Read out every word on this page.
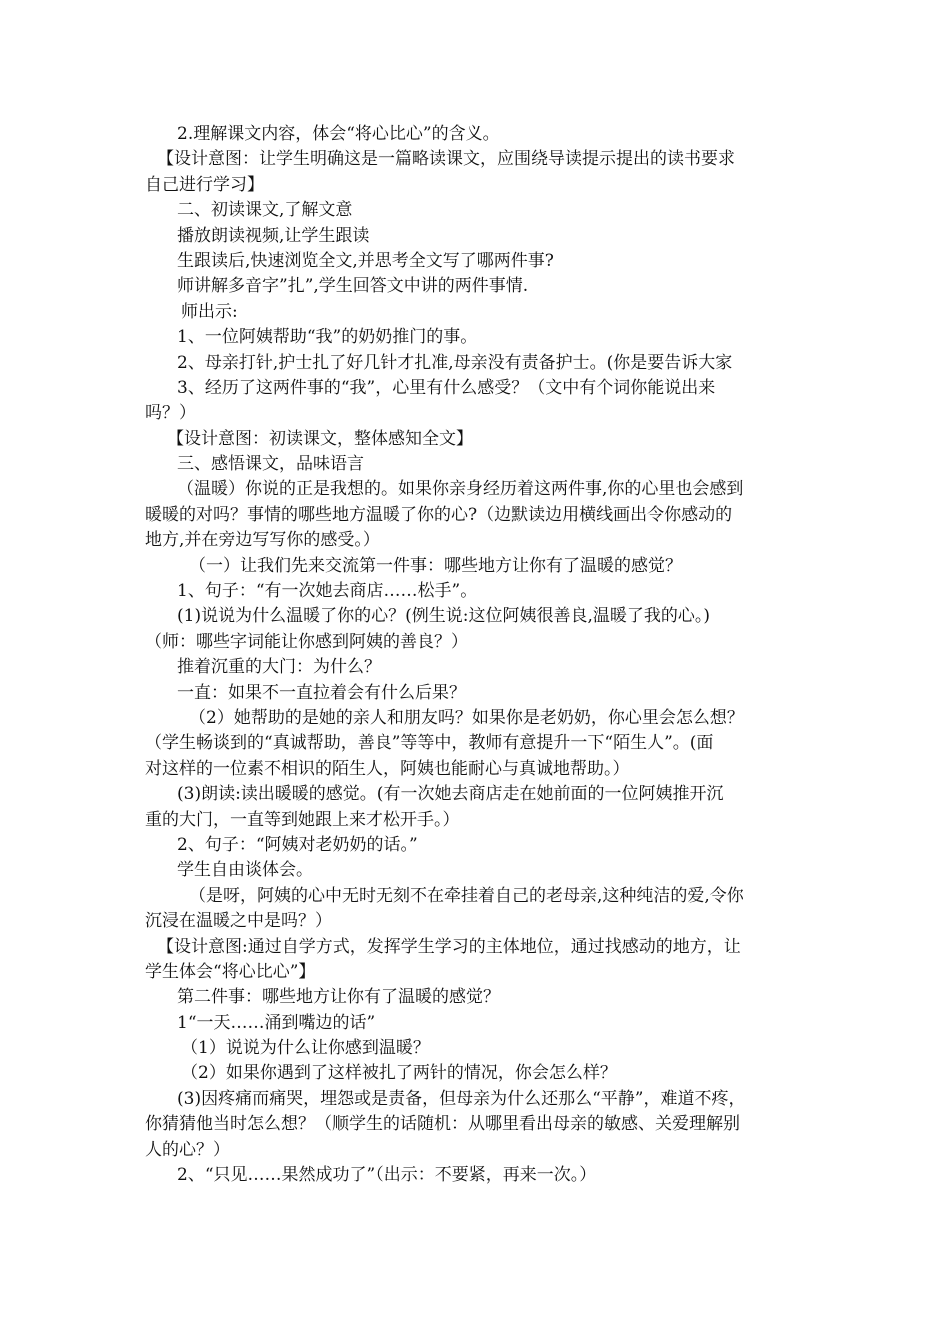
2.理解课文内容，体会“将心比心”的含义。
【设计意图：让学生明确这是一篇略读课文，应围绕导读提示提出的读书要求
自己进行学习】
二、初读课文,了解文意
播放朗读视频,让学生跟读
生跟读后,快速浏览全文,并思考全文写了哪两件事?
师讲解多音字”扎”,学生回答文中讲的两件事情.
师出示:
1、一位阿姨帮助“我”的奶奶推门的事。
2、母亲打针,护士扎了好几针才扎准,母亲没有责备护士。(你是要告诉大家
3、经历了这两件事的“我”，心里有什么感受？（文中有个词你能说出来
吗？）
【设计意图：初读课文，整体感知全文】
三、感悟课文，品味语言
（温暖）你说的正是我想的。如果你亲身经历着这两件事,你的心里也会感到
暖暖的对吗？事情的哪些地方温暖了你的心?（边默读边用横线画出令你感动的
地方,并在旁边写写你的感受。）
（一）让我们先来交流第一件事：哪些地方让你有了温暖的感觉？
1、句子：“有一次她去商店……松手”。
(1)说说为什么温暖了你的心？(例生说:这位阿姨很善良,温暖了我的心。)
（师：哪些字词能让你感到阿姨的善良？）
推着沉重的大门：为什么？
一直：如果不一直拉着会有什么后果？
（2）她帮助的是她的亲人和朋友吗？如果你是老奶奶，你心里会怎么想？
（学生畅谈到的“真诚帮助，善良”等等中，教师有意提升一下“陌生人”。(面
对这样的一位素不相识的陌生人，阿姨也能耐心与真诚地帮助。）
(3)朗读:读出暖暖的感觉。(有一次她去商店走在她前面的一位阿姨推开沉
重的大门，一直等到她跟上来才松开手。）
2、句子：“阿姨对老奶奶的话。”
学生自由谈体会。
（是呀，阿姨的心中无时无刻不在牵挂着自己的老母亲,这种纯洁的爱,令你
沉浸在温暖之中是吗？）
【设计意图:通过自学方式，发挥学生学习的主体地位，通过找感动的地方，让
学生体会“将心比心”】
第二件事：哪些地方让你有了温暖的感觉？
1“一天……涌到嘴边的话”
（1）说说为什么让你感到温暖？
（2）如果你遇到了这样被扎了两针的情况，你会怎么样？
(3)因疼痛而痛哭，埋怨或是责备，但母亲为什么还那么“平静”，难道不疼，
你猜猜他当时怎么想？（顺学生的话随机：从哪里看出母亲的敏感、关爱理解别
人的心？）
2、“只见……果然成功了”（出示：不要紧，再来一次。）
